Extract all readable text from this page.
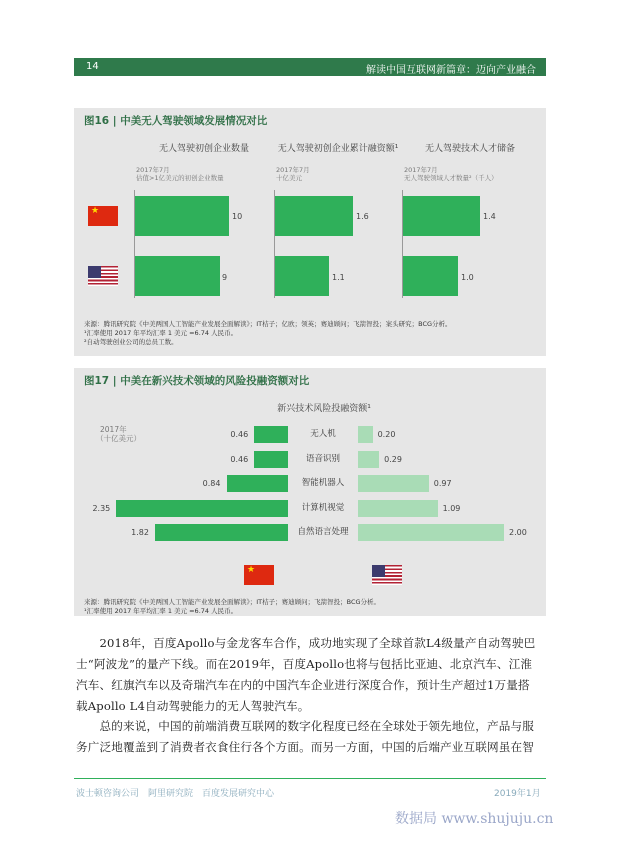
14	解读中国互联网新篇章：迈向产业融合
图16 | 中美无人驾驶领域发展情况对比
无人驾驶初创企业数量
2017年7月
估值>1亿美元的初创企业数量
10
9
无人驾驶初创企业累计融资额¹
2017年7月
十亿美元
1.6
1.1
无人驾驶技术人才储备
2017年7月
无人驾驶领域人才数量²（千人）
1.4
1.0
★
来源：腾讯研究院《中美两国人工智能产业发展全面解读》；IT桔子；亿欧；领英；赛迪顾问；飞箭智投；案头研究；BCG分析。
¹汇率使用 2017 年平均汇率 1 美元 =6.74 人民币。
²自动驾驶创业公司的总员工数。
图17 | 中美在新兴技术领域的风险投融资额对比
新兴技术风险投融资额¹
2017年
（十亿美元）	0.46	无人机	0.20
0.46	语音识别	0.29
0.84	智能机器人	0.97
2.35	计算机视觉	1.09
1.82	自然语言处理	2.00
★
来源：腾讯研究院《中美两国人工智能产业发展全面解读》；IT桔子；赛迪顾问；飞箭智投；BCG分析。
¹汇率使用 2017 年平均汇率 1 美元 =6.74 人民币。
　　2018年，百度Apollo与金龙客车合作，成功地实现了全球首款L4级量产自动驾驶巴
士“阿波龙”的量产下线。而在2019年，百度Apollo也将与包括比亚迪、北京汽车、江淮
汽车、红旗汽车以及奇瑞汽车在内的中国汽车企业进行深度合作，预计生产超过1万量搭
载Apollo L4自动驾驶能力的无人驾驶汽车。
　　总的来说，中国的前端消费互联网的数字化程度已经在全球处于领先地位，产品与服
务广泛地覆盖到了消费者衣食住行各个方面。而另一方面，中国的后端产业互联网虽在智
波士顿咨询公司　阿里研究院　百度发展研究中心	2019年1月
数据局 www.shujuju.cn
